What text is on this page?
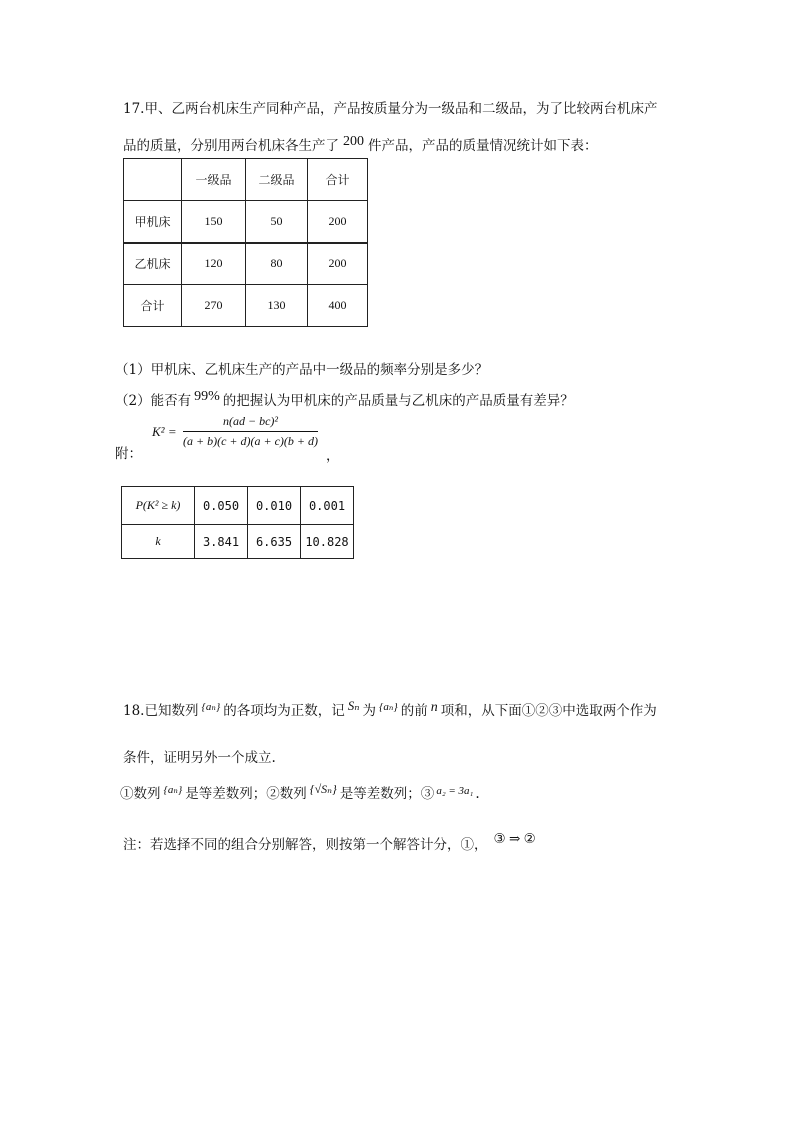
17.甲、乙两台机床生产同种产品，产品按质量分为一级品和二级品，为了比较两台机床产
品的质量，分别用两台机床各生产了 200 件产品，产品的质量情况统计如下表：
	一级品	二级品	合计
甲机床	150	50	200
乙机床	120	80	200
合计	270	130	400
（1）甲机床、乙机床生产的产品中一级品的频率分别是多少？
（2）能否有 99% 的把握认为甲机床的产品质量与乙机床的产品质量有差异？
$K^2 = \frac{\text{n(ad − bc)²}}{(a + b)(c + d)(a + c)(b + d)}$
附：	，
P(K² ≥ k)	0.050	0.010	0.001
k	3.841	6.635	10.828
18.已知数列 $^{\{a_n\}}$ 的各项均为正数，记 Sₙ 为 $^{\{a_n\}}$ 的前 n 项和，从下面①②③中选取两个作为
条件，证明另外一个成立.
①数列 $^{\{a_n\}}$ 是等差数列；②数列 {√Sₙ} 是等差数列；③ $^{a_2 = 3a_1}$ .
注：若选择不同的组合分别解答，则按第一个解答计分，①， ③ ⇒ ②
